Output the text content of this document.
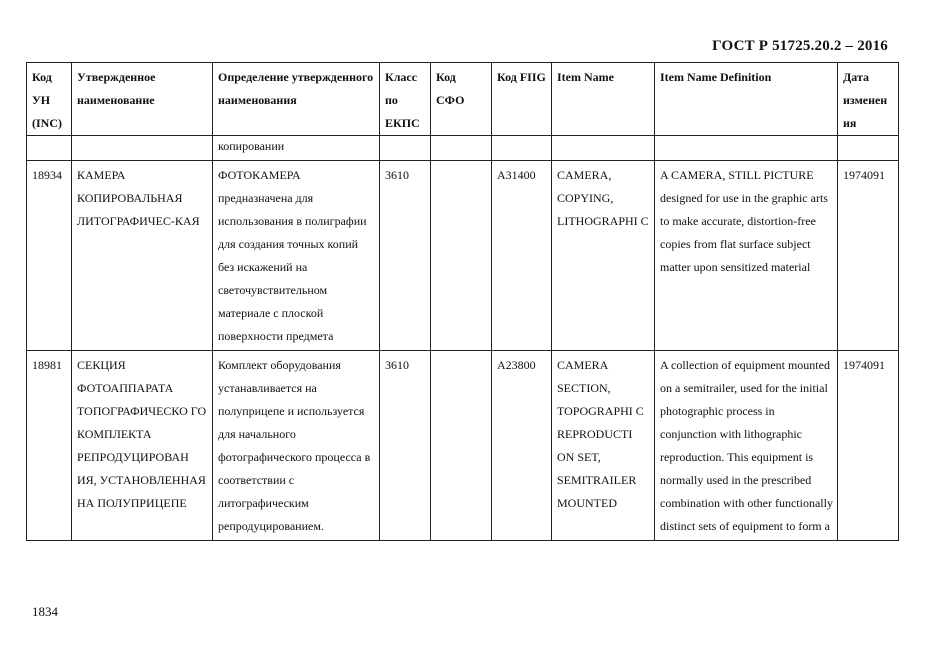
ГОСТ Р 51725.20.2 – 2016
Код УН (INC)	Утвержденное наименование	Определение утвержденного наименования	Класс по ЕКПС	Код СФО	Код FIIG	Item Name	Item Name Definition	Дата изменен ия
		копировании						
18934	КАМЕРА КОПИРОВАЛЬНАЯ ЛИТОГРАФИЧЕС-КАЯ	ФОТОКАМЕРА предназначена для использования в полиграфии для создания точных копий без искажений на светочувствительном материале с плоской поверхности предмета	3610		A31400	CAMERA, COPYING, LITHOGRAPHI C	A CAMERA, STILL PICTURE designed for use in the graphic arts to make accurate, distortion-free copies from flat surface subject matter upon sensitized material	1974091
18981	СЕКЦИЯ ФОТОАППАРАТА ТОПОГРАФИЧЕСКО ГО КОМПЛЕКТА РЕПРОДУЦИРОВАН ИЯ, УСТАНОВЛЕННАЯ НА ПОЛУПРИЦЕПЕ	Комплект оборудования устанавливается на полуприцепе и используется для начального фотографического процесса в соответствии с литографическим репродуцированием.	3610		A23800	CAMERA SECTION, TOPOGRAPHI C REPRODUCTI ON SET, SEMITRAILER MOUNTED	A collection of equipment mounted on a semitrailer, used for the initial photographic process in conjunction with lithographic reproduction. This equipment is normally used in the prescribed combination with other functionally distinct sets of equipment to form a	1974091
1834
